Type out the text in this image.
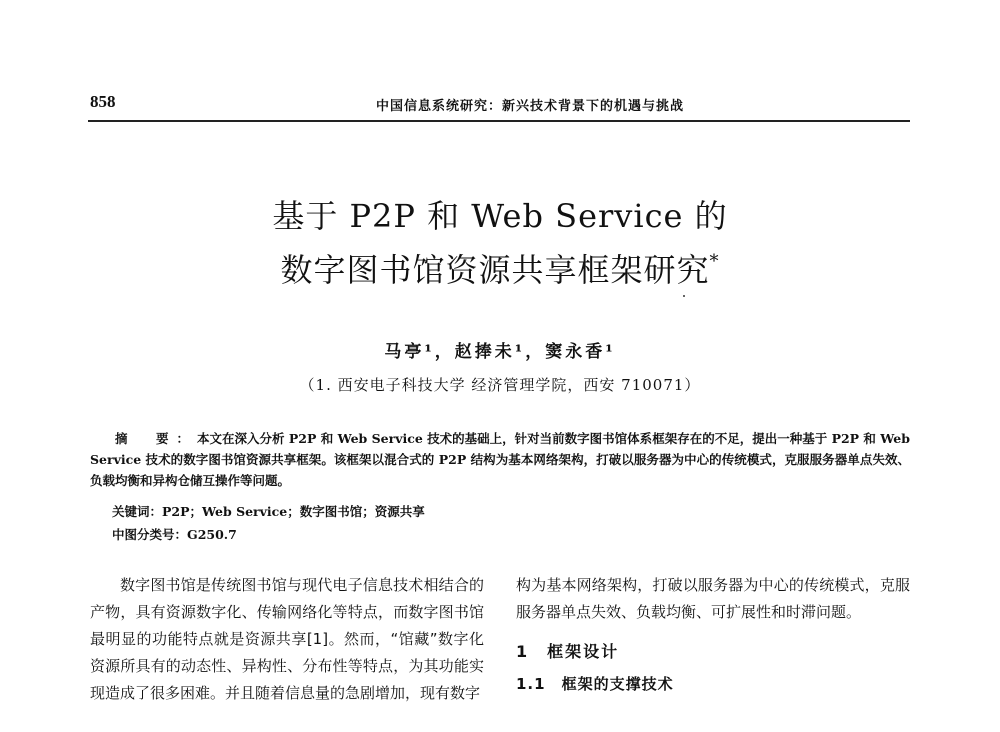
858	中国信息系统研究：新兴技术背景下的机遇与挑战
基于 P2P 和 Web Service 的
数字图书馆资源共享框架研究*
马亭¹，赵捧未¹，窦永香¹
（1. 西安电子科技大学 经济管理学院，西安 710071）

摘　要：本文在深入分析 P2P 和 Web Service 技术的基础上，针对当前数字图书馆体系框架存在的不足，提出一种基于 P2P 和 Web Service 技术的数字图书馆资源共享框架。该框架以混合式的 P2P 结构为基本网络架构，打破以服务器为中心的传统模式，克服服务器单点失效、负载均衡和异构仓储互操作等问题。

关键词：P2P；Web Service；数字图书馆；资源共享
中图分类号：G250.7

数字图书馆是传统图书馆与现代电子信息技术相结合的产物，具有资源数字化、传输网络化等特点，而数字图书馆最明显的功能特点就是资源共享[1]。然而，“馆藏”数字化资源所具有的动态性、异构性、分布性等特点，为其功能实现造成了很多困难。并且随着信息量的急剧增加，现有数字

构为基本网络架构，打破以服务器为中心的传统模式，克服服务器单点失效、负载均衡、可扩展性和时滞问题。

1　框架设计

1.1　框架的支撑技术
